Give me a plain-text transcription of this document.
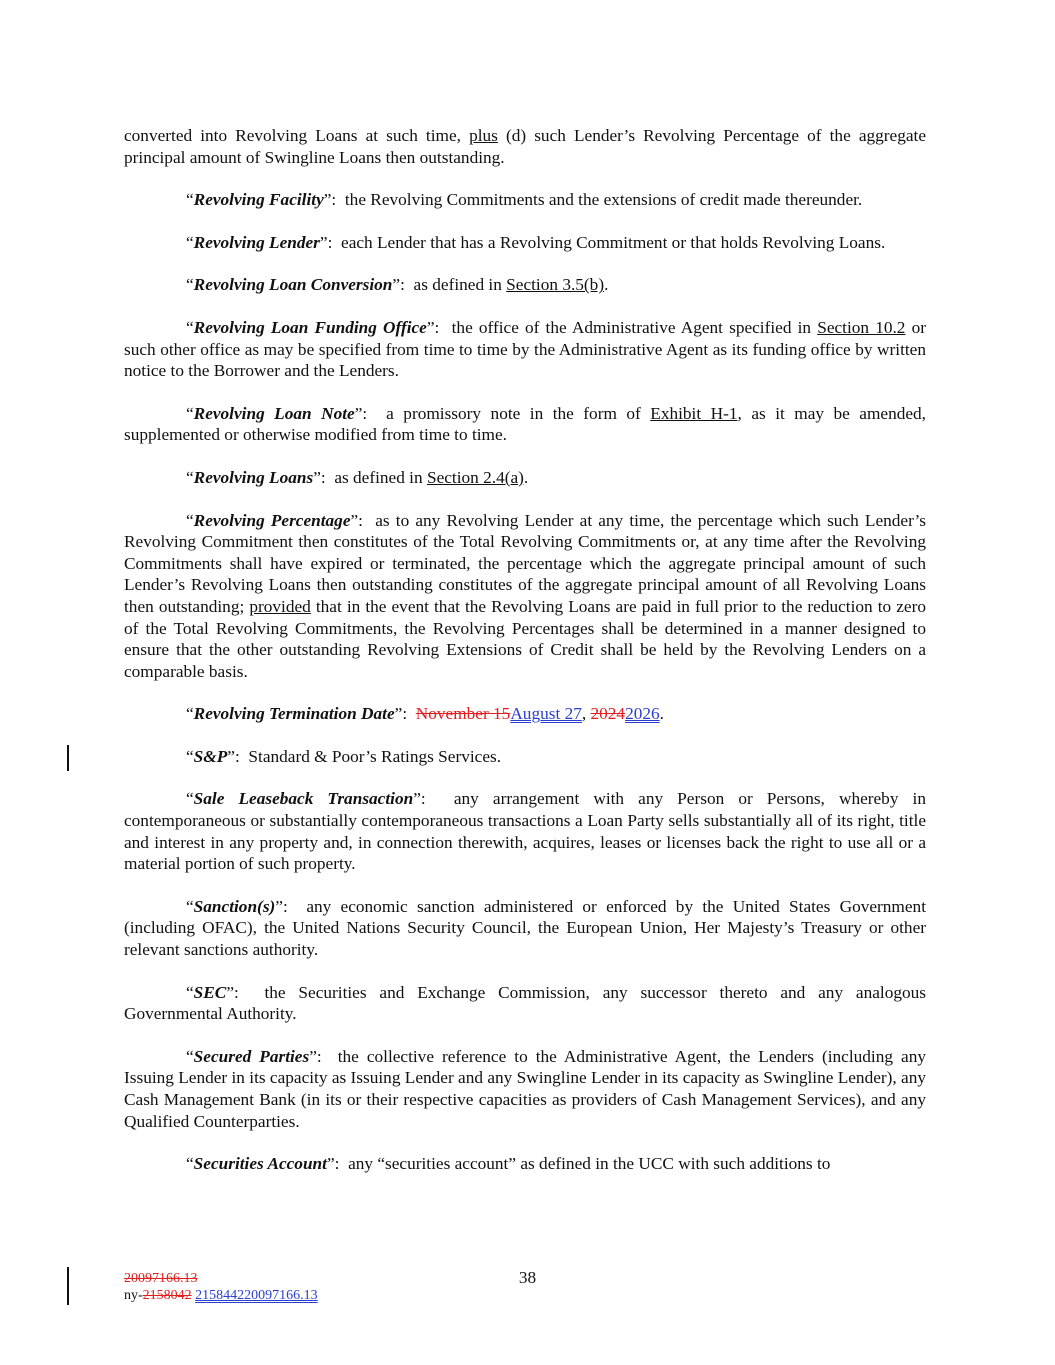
converted into Revolving Loans at such time, plus (d) such Lender’s Revolving Percentage of the aggregate principal amount of Swingline Loans then outstanding.

“Revolving Facility”:  the Revolving Commitments and the extensions of credit made thereunder.

“Revolving Lender”:  each Lender that has a Revolving Commitment or that holds Revolving Loans.

“Revolving Loan Conversion”:  as defined in Section 3.5(b).

“Revolving Loan Funding Office”:  the office of the Administrative Agent specified in Section 10.2 or such other office as may be specified from time to time by the Administrative Agent as its funding office by written notice to the Borrower and the Lenders.

“Revolving Loan Note”:  a promissory note in the form of Exhibit H-1, as it may be amended, supplemented or otherwise modified from time to time.

“Revolving Loans”:  as defined in Section 2.4(a).

“Revolving Percentage”:  as to any Revolving Lender at any time, the percentage which such Lender’s Revolving Commitment then constitutes of the Total Revolving Commitments or, at any time after the Revolving Commitments shall have expired or terminated, the percentage which the aggregate principal amount of such Lender’s Revolving Loans then outstanding constitutes of the aggregate principal amount of all Revolving Loans then outstanding; provided that in the event that the Revolving Loans are paid in full prior to the reduction to zero of the Total Revolving Commitments, the Revolving Percentages shall be determined in a manner designed to ensure that the other outstanding Revolving Extensions of Credit shall be held by the Revolving Lenders on a comparable basis.

“Revolving Termination Date”:  November 15August 27, 20242026.

“S&P”:  Standard & Poor’s Ratings Services.

“Sale Leaseback Transaction”:  any arrangement with any Person or Persons, whereby in contemporaneous or substantially contemporaneous transactions a Loan Party sells substantially all of its right, title and interest in any property and, in connection therewith, acquires, leases or licenses back the right to use all or a material portion of such property.

“Sanction(s)”:  any economic sanction administered or enforced by the United States Government (including OFAC), the United Nations Security Council, the European Union, Her Majesty’s Treasury or other relevant sanctions authority.

“SEC”:  the Securities and Exchange Commission, any successor thereto and any analogous Governmental Authority.

“Secured Parties”:  the collective reference to the Administrative Agent, the Lenders (including any Issuing Lender in its capacity as Issuing Lender and any Swingline Lender in its capacity as Swingline Lender), any Cash Management Bank (in its or their respective capacities as providers of Cash Management Services), and any Qualified Counterparties.

“Securities Account”:  any “securities account” as defined in the UCC with such additions to

38
20097166.13
ny-2158042 215844220097166.13
